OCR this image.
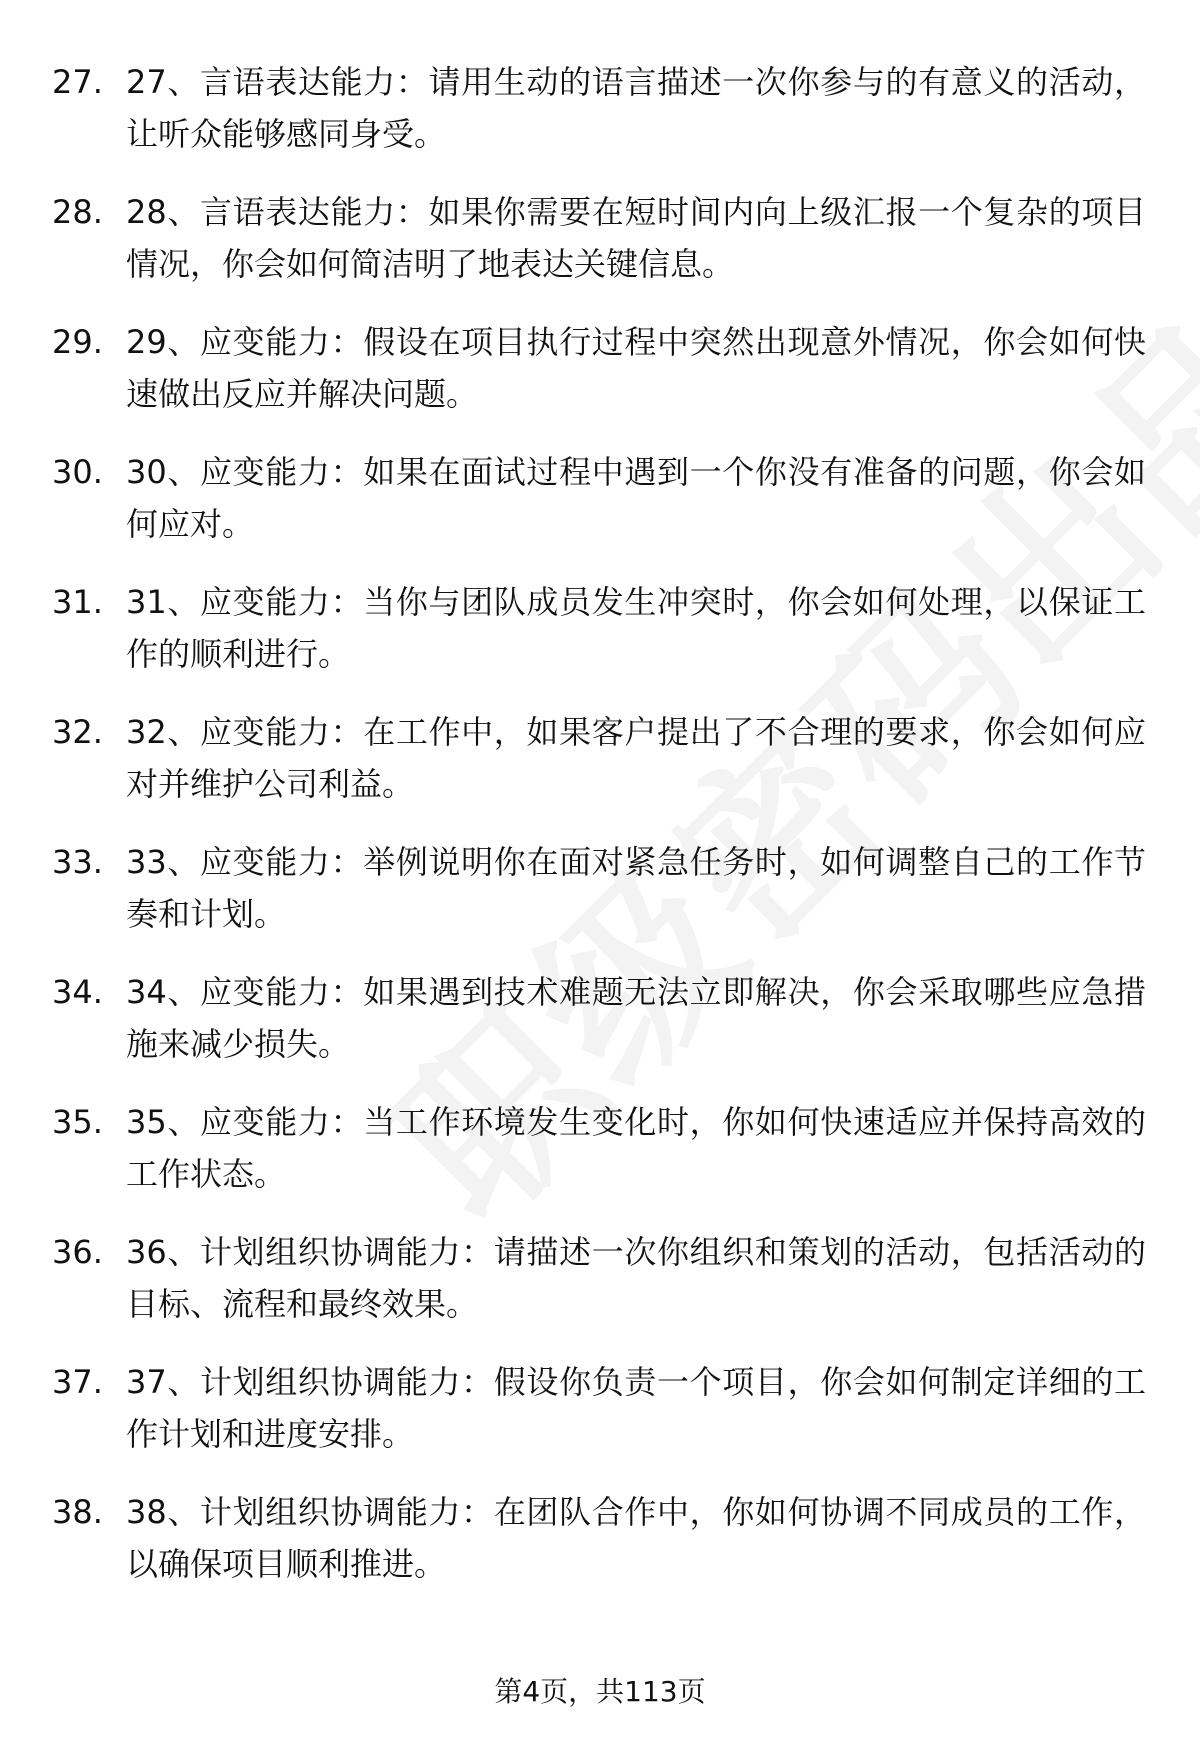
27. 27、言语表达能力：请用生动的语言描述一次你参与的有意义的活动，让听众能够感同身受。
28. 28、言语表达能力：如果你需要在短时间内向上级汇报一个复杂的项目情况，你会如何简洁明了地表达关键信息。
29. 29、应变能力：假设在项目执行过程中突然出现意外情况，你会如何快速做出反应并解决问题。
30. 30、应变能力：如果在面试过程中遇到一个你没有准备的问题，你会如何应对。
31. 31、应变能力：当你与团队成员发生冲突时，你会如何处理，以保证工作的顺利进行。
32. 32、应变能力：在工作中，如果客户提出了不合理的要求，你会如何应对并维护公司利益。
33. 33、应变能力：举例说明你在面对紧急任务时，如何调整自己的工作节奏和计划。
34. 34、应变能力：如果遇到技术难题无法立即解决，你会采取哪些应急措施来减少损失。
35. 35、应变能力：当工作环境发生变化时，你如何快速适应并保持高效的工作状态。
36. 36、计划组织协调能力：请描述一次你组织和策划的活动，包括活动的目标、流程和最终效果。
37. 37、计划组织协调能力：假设你负责一个项目，你会如何制定详细的工作计划和进度安排。
38. 38、计划组织协调能力：在团队合作中，你如何协调不同成员的工作，以确保项目顺利推进。
第4页，共113页
